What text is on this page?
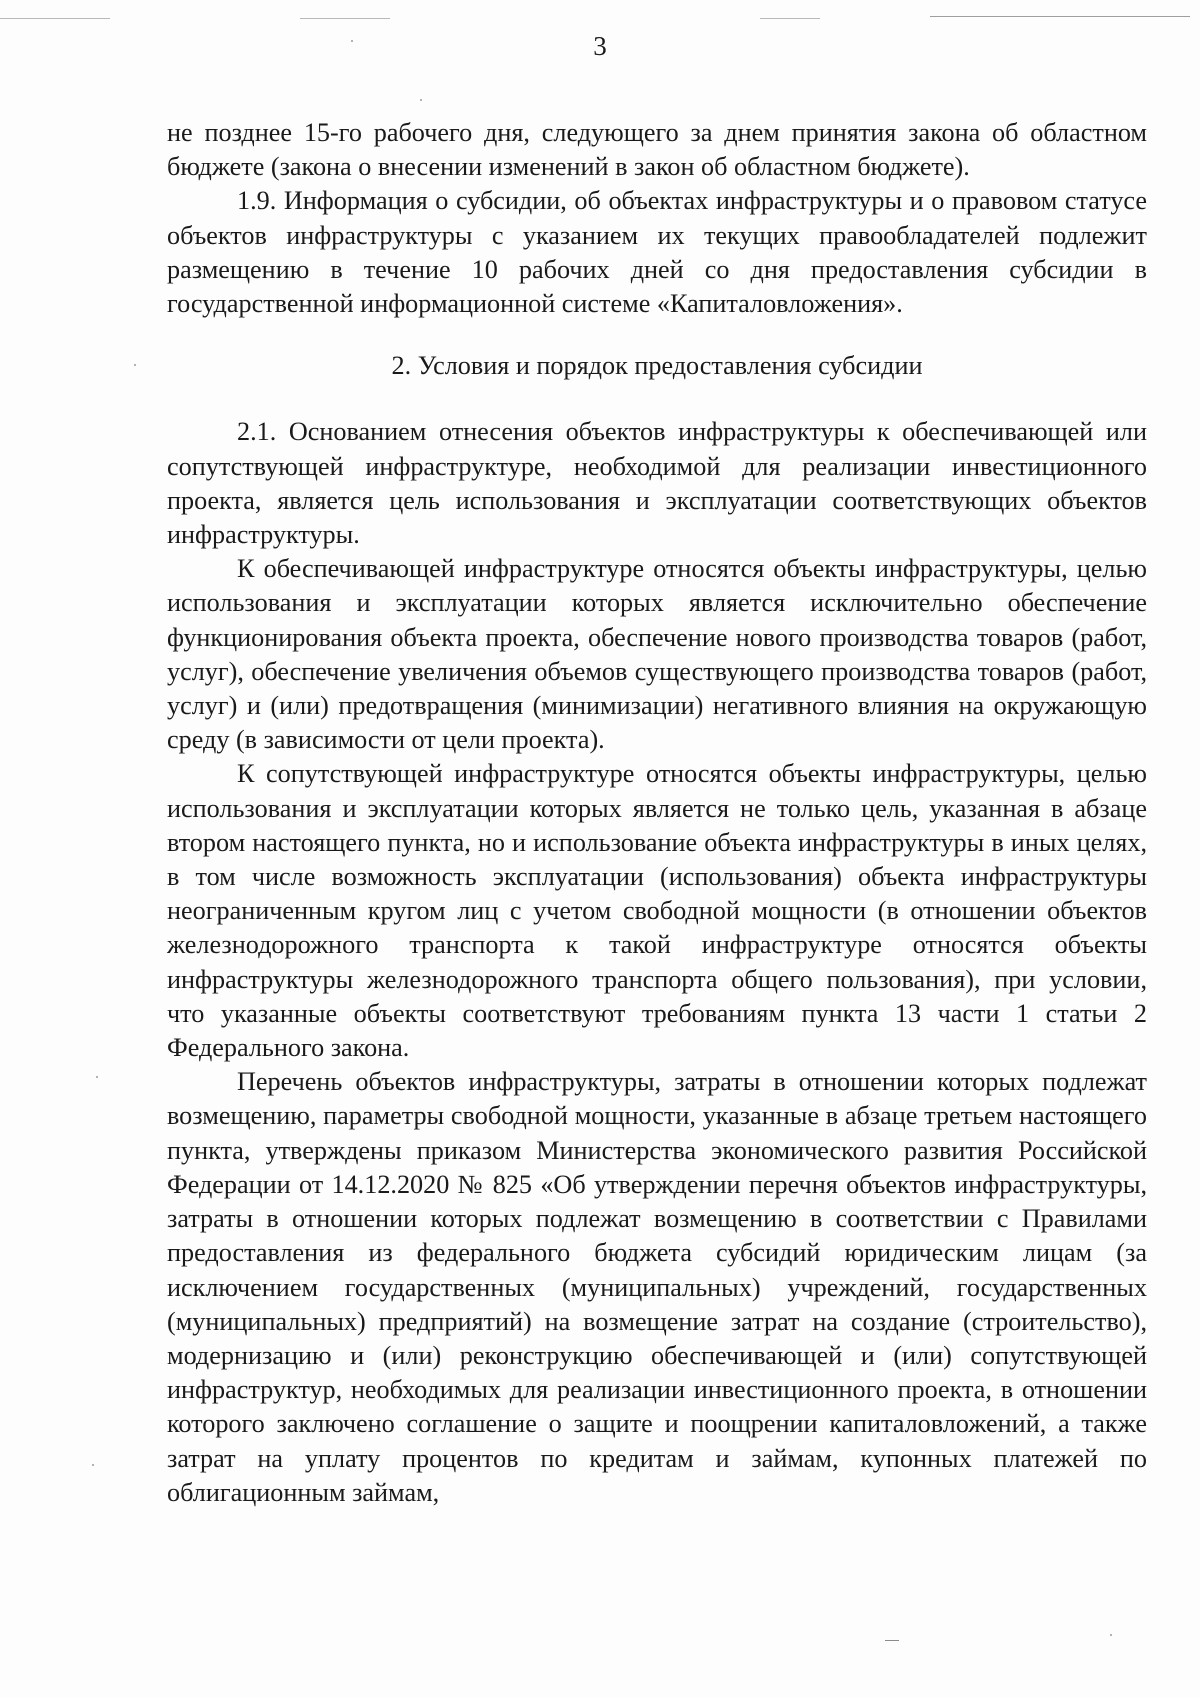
3

не позднее 15-го рабочего дня, следующего за днем принятия закона об областном бюджете (закона о внесении изменений в закон об областном бюджете).

1.9. Информация о субсидии, об объектах инфраструктуры и о правовом статусе объектов инфраструктуры с указанием их текущих правообладателей подлежит размещению в течение 10 рабочих дней со дня предоставления субсидии в государственной информационной системе «Капиталовложения».

2. Условия и порядок предоставления субсидии

2.1. Основанием отнесения объектов инфраструктуры к обеспечивающей или сопутствующей инфраструктуре, необходимой для реализации инвестиционного проекта, является цель использования и эксплуатации соответствующих объектов инфраструктуры.

К обеспечивающей инфраструктуре относятся объекты инфраструктуры, целью использования и эксплуатации которых является исключительно обеспечение функционирования объекта проекта, обеспечение нового производства товаров (работ, услуг), обеспечение увеличения объемов существующего производства товаров (работ, услуг) и (или) предотвращения (минимизации) негативного влияния на окружающую среду (в зависимости от цели проекта).

К сопутствующей инфраструктуре относятся объекты инфраструктуры, целью использования и эксплуатации которых является не только цель, указанная в абзаце втором настоящего пункта, но и использование объекта инфраструктуры в иных целях, в том числе возможность эксплуатации (использования) объекта инфраструктуры неограниченным кругом лиц с учетом свободной мощности (в отношении объектов железнодорожного транспорта к такой инфраструктуре относятся объекты инфраструктуры железнодорожного транспорта общего пользования), при условии, что указанные объекты соответствуют требованиям пункта 13 части 1 статьи 2 Федерального закона.

Перечень объектов инфраструктуры, затраты в отношении которых подлежат возмещению, параметры свободной мощности, указанные в абзаце третьем настоящего пункта, утверждены приказом Министерства экономического развития Российской Федерации от 14.12.2020 № 825 «Об утверждении перечня объектов инфраструктуры, затраты в отношении которых подлежат возмещению в соответствии с Правилами предоставления из федерального бюджета субсидий юридическим лицам (за исключением государственных (муниципальных) учреждений, государственных (муниципальных) предприятий) на возмещение затрат на создание (строительство), модернизацию и (или) реконструкцию обеспечивающей и (или) сопутствующей инфраструктур, необходимых для реализации инвестиционного проекта, в отношении которого заключено соглашение о защите и поощрении капиталовложений, а также затрат на уплату процентов по кредитам и займам, купонных платежей по облигационным займам,
